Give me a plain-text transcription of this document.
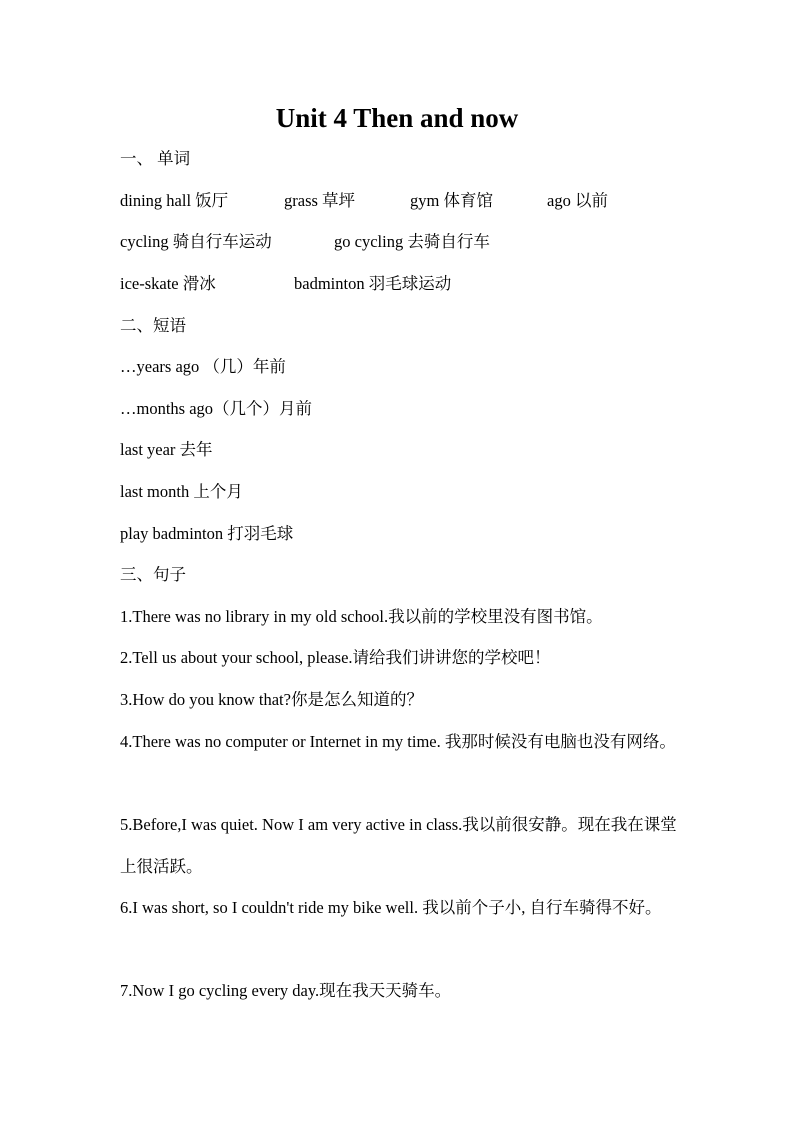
Unit 4 Then and now
一、 单词
dining hall 饭厅	grass 草坪	gym 体育馆	ago 以前
cycling 骑自行车运动	go cycling 去骑自行车
ice-skate 滑冰	badminton 羽毛球运动
二、短语
…years ago （几）年前
…months ago（几个）月前
last year 去年
last month 上个月
play badminton 打羽毛球
三、句子
1.There was no library in my old school.我以前的学校里没有图书馆。
2.Tell us about your school, please.请给我们讲讲您的学校吧！
3.How do you know that?你是怎么知道的？
4.There was no computer or Internet in my time. 我那时候没有电脑也没有网络。
5.Before,I was quiet. Now I am very active in class.我以前很安静。现在我在课堂上很活跃。
6.I was short, so I couldn't ride my bike well. 我以前个子小, 自行车骑得不好。
7.Now I go cycling every day.现在我天天骑车。
